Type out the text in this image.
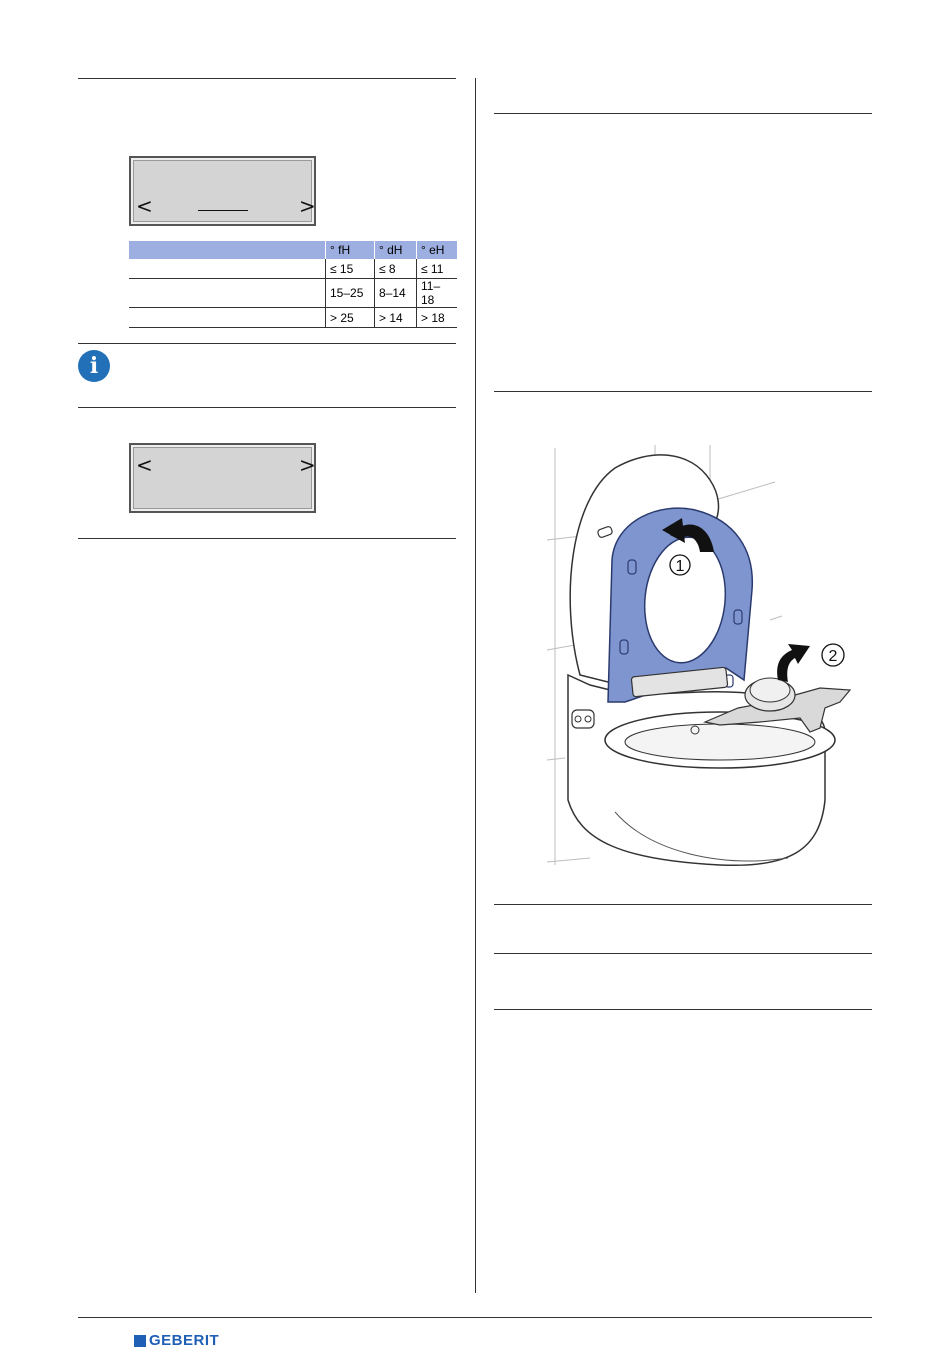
<	>
	° fH	° dH	° eH
	≤ 15	≤ 8	≤ 11
	15–25	8–14	11–18
	> 25	> 14	> 18
i
<	>
1
2
GEBERIT
